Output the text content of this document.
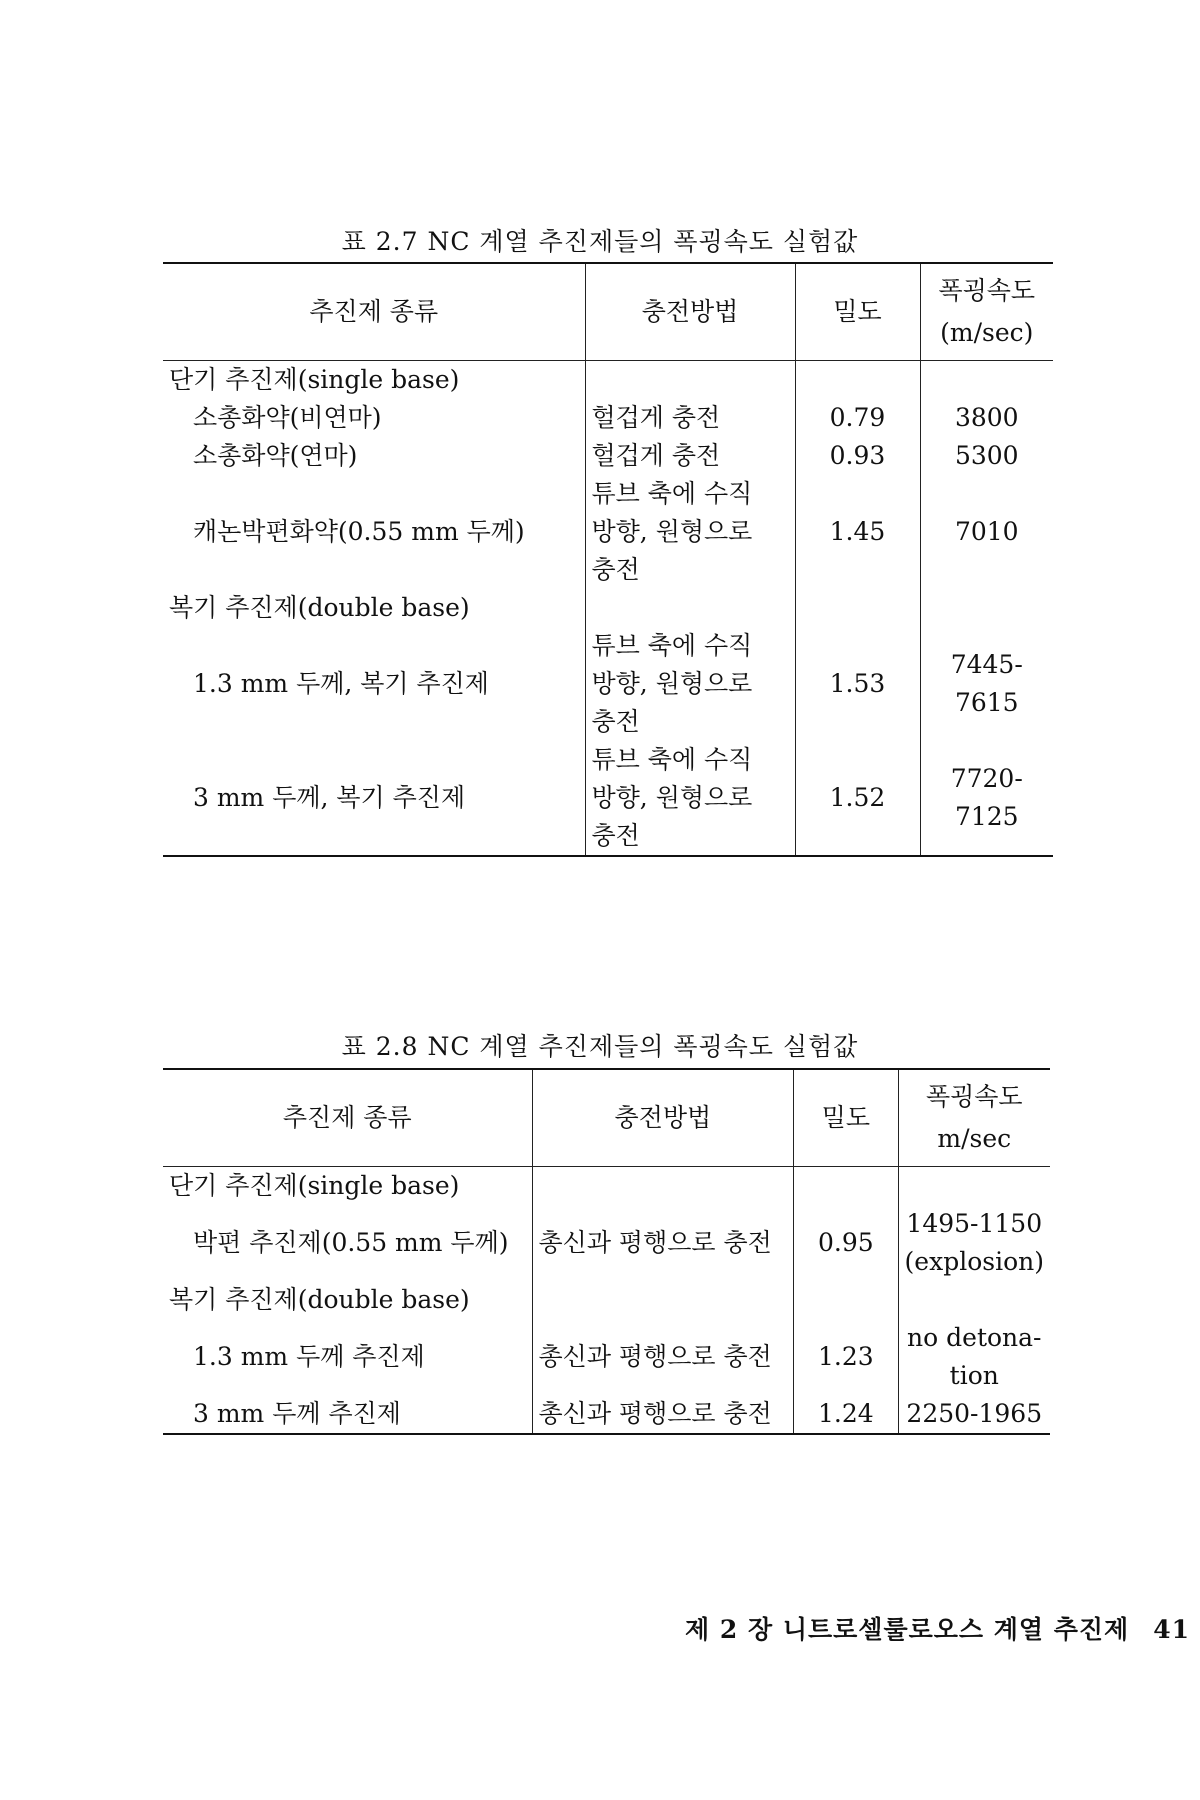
표 2.7 NC 계열 추진제들의 폭굉속도 실험값
추진제 종류	충전방법	밀도	폭굉속도
(m/sec)
단기 추진제(single base)			
소총화약(비연마)	헐겁게 충전	0.79	3800
소총화약(연마)	헐겁게 충전	0.93	5300
캐논박편화약(0.55 mm 두께)	튜브 축에 수직
방향, 원형으로
충전	1.45	7010
복기 추진제(double base)			
1.3 mm 두께, 복기 추진제	튜브 축에 수직
방향, 원형으로
충전	1.53	7445-7615
3 mm 두께, 복기 추진제	튜브 축에 수직
방향, 원형으로
충전	1.52	7720-7125
표 2.8 NC 계열 추진제들의 폭굉속도 실험값
추진제 종류	충전방법	밀도	폭굉속도
m/sec
단기 추진제(single base)			
박편 추진제(0.55 mm 두께)	총신과 평행으로 충전	0.95	1495-1150
(explosion)
복기 추진제(double base)			
1.3 mm 두께 추진제	총신과 평행으로 충전	1.23	no detona-
tion
3 mm 두께 추진제	총신과 평행으로 충전	1.24	2250-1965
제 2 장 니트로셀룰로오스 계열 추진제 41
